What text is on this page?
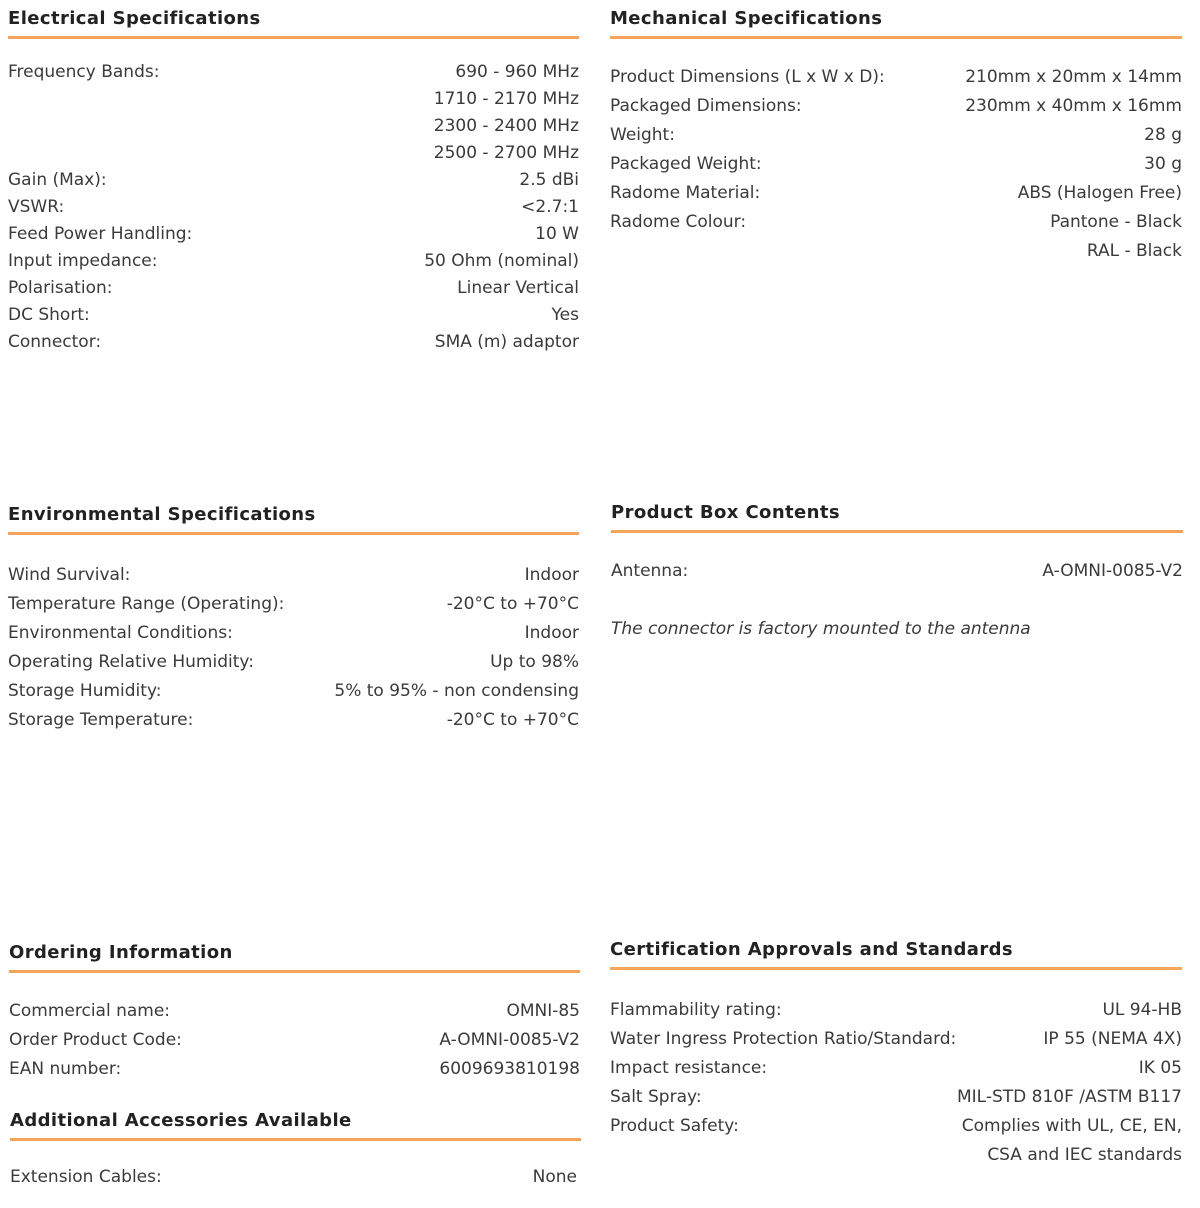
Electrical Specifications
Frequency Bands:	690 - 960 MHz
1710 - 2170 MHz
2300 - 2400 MHz
2500 - 2700 MHz
Gain (Max):	2.5 dBi
VSWR:	<2.7:1
Feed Power Handling:	10 W
Input impedance:	50 Ohm (nominal)
Polarisation:	Linear Vertical
DC Short:	Yes
Connector:	SMA (m) adaptor
Mechanical Specifications
Product Dimensions (L x W x D):	210mm x 20mm x 14mm
Packaged Dimensions:	230mm x 40mm x 16mm
Weight:	28 g
Packaged Weight:	30 g
Radome Material:	ABS (Halogen Free)
Radome Colour:	Pantone - Black
RAL - Black
Environmental Specifications
Wind Survival:	Indoor
Temperature Range (Operating):	-20°C to +70°C
Environmental Conditions:	Indoor
Operating Relative Humidity:	Up to 98%
Storage Humidity:	5% to 95% - non condensing
Storage Temperature:	-20°C to +70°C
Product Box Contents
Antenna:	A-OMNI-0085-V2
The connector is factory mounted to the antenna
Ordering Information
Commercial name:	OMNI-85
Order Product Code:	A-OMNI-0085-V2
EAN number:	6009693810198
Additional Accessories Available
Extension Cables:	None
Certification Approvals and Standards
Flammability rating:	UL 94-HB
Water Ingress Protection Ratio/Standard:	IP 55 (NEMA 4X)
Impact resistance:	IK 05
Salt Spray:	MIL-STD 810F /ASTM B117
Product Safety:	Complies with UL, CE, EN,
CSA and IEC standards
